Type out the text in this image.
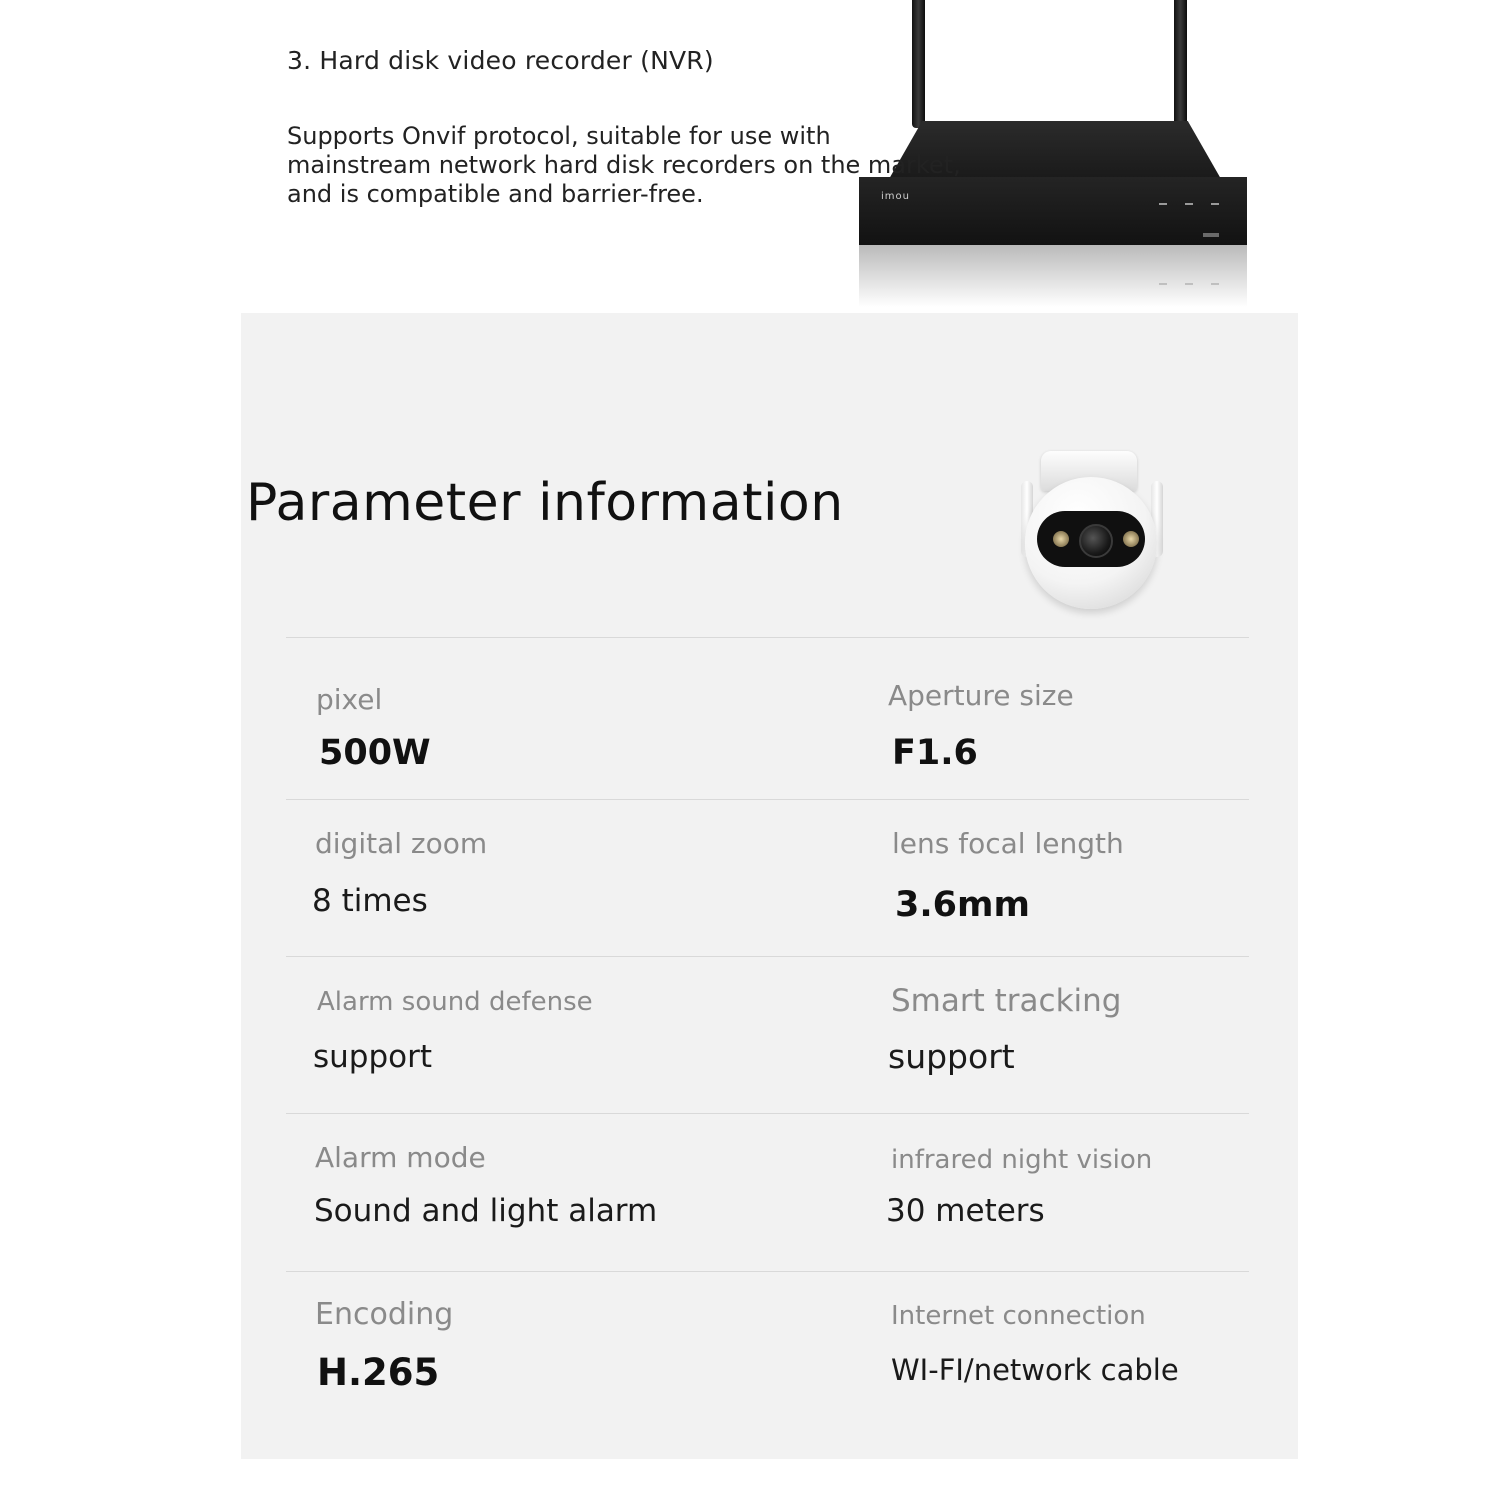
3. Hard disk video recorder (NVR)
Supports Onvif protocol, suitable for use with
mainstream network hard disk recorders on the market,
and is compatible and barrier-free.	imou
Parameter information
pixel
500W
Aperture size
F1.6
digital zoom
8 times
lens focal length
3.6mm
Alarm sound defense
support
Smart tracking
support
Alarm mode
Sound and light alarm
infrared night vision
30 meters
Encoding
H.265
Internet connection
WI-FI/network cable
